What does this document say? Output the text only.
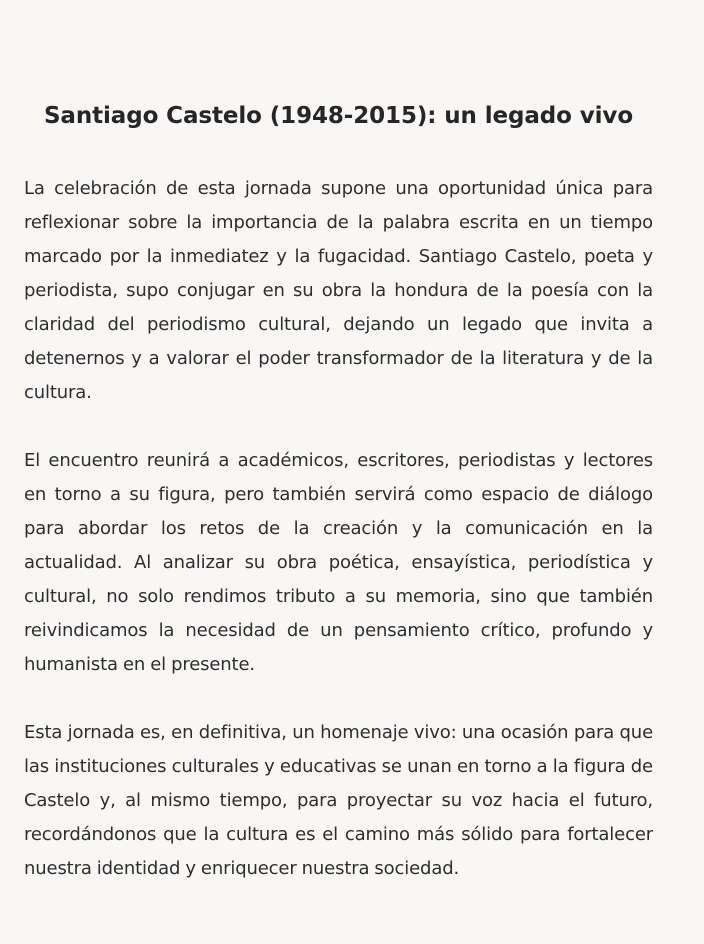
Santiago Castelo (1948-2015): un legado vivo

La celebración de esta jornada supone una oportunidad única para reflexionar sobre la importancia de la palabra escrita en un tiempo marcado por la inmediatez y la fugacidad. Santiago Castelo, poeta y periodista, supo conjugar en su obra la hondura de la poesía con la claridad del periodismo cultural, dejando un legado que invita a detenernos y a valorar el poder transformador de la literatura y de la cultura.

El encuentro reunirá a académicos, escritores, periodistas y lectores en torno a su figura, pero también servirá como espacio de diálogo para abordar los retos de la creación y la comunicación en la actualidad. Al analizar su obra poética, ensayística, periodística y cultural, no solo rendimos tributo a su memoria, sino que también reivindicamos la necesidad de un pensamiento crítico, profundo y humanista en el presente.

Esta jornada es, en definitiva, un homenaje vivo: una ocasión para que las instituciones culturales y educativas se unan en torno a la figura de Castelo y, al mismo tiempo, para proyectar su voz hacia el futuro, recordándonos que la cultura es el camino más sólido para fortalecer nuestra identidad y enriquecer nuestra sociedad.
